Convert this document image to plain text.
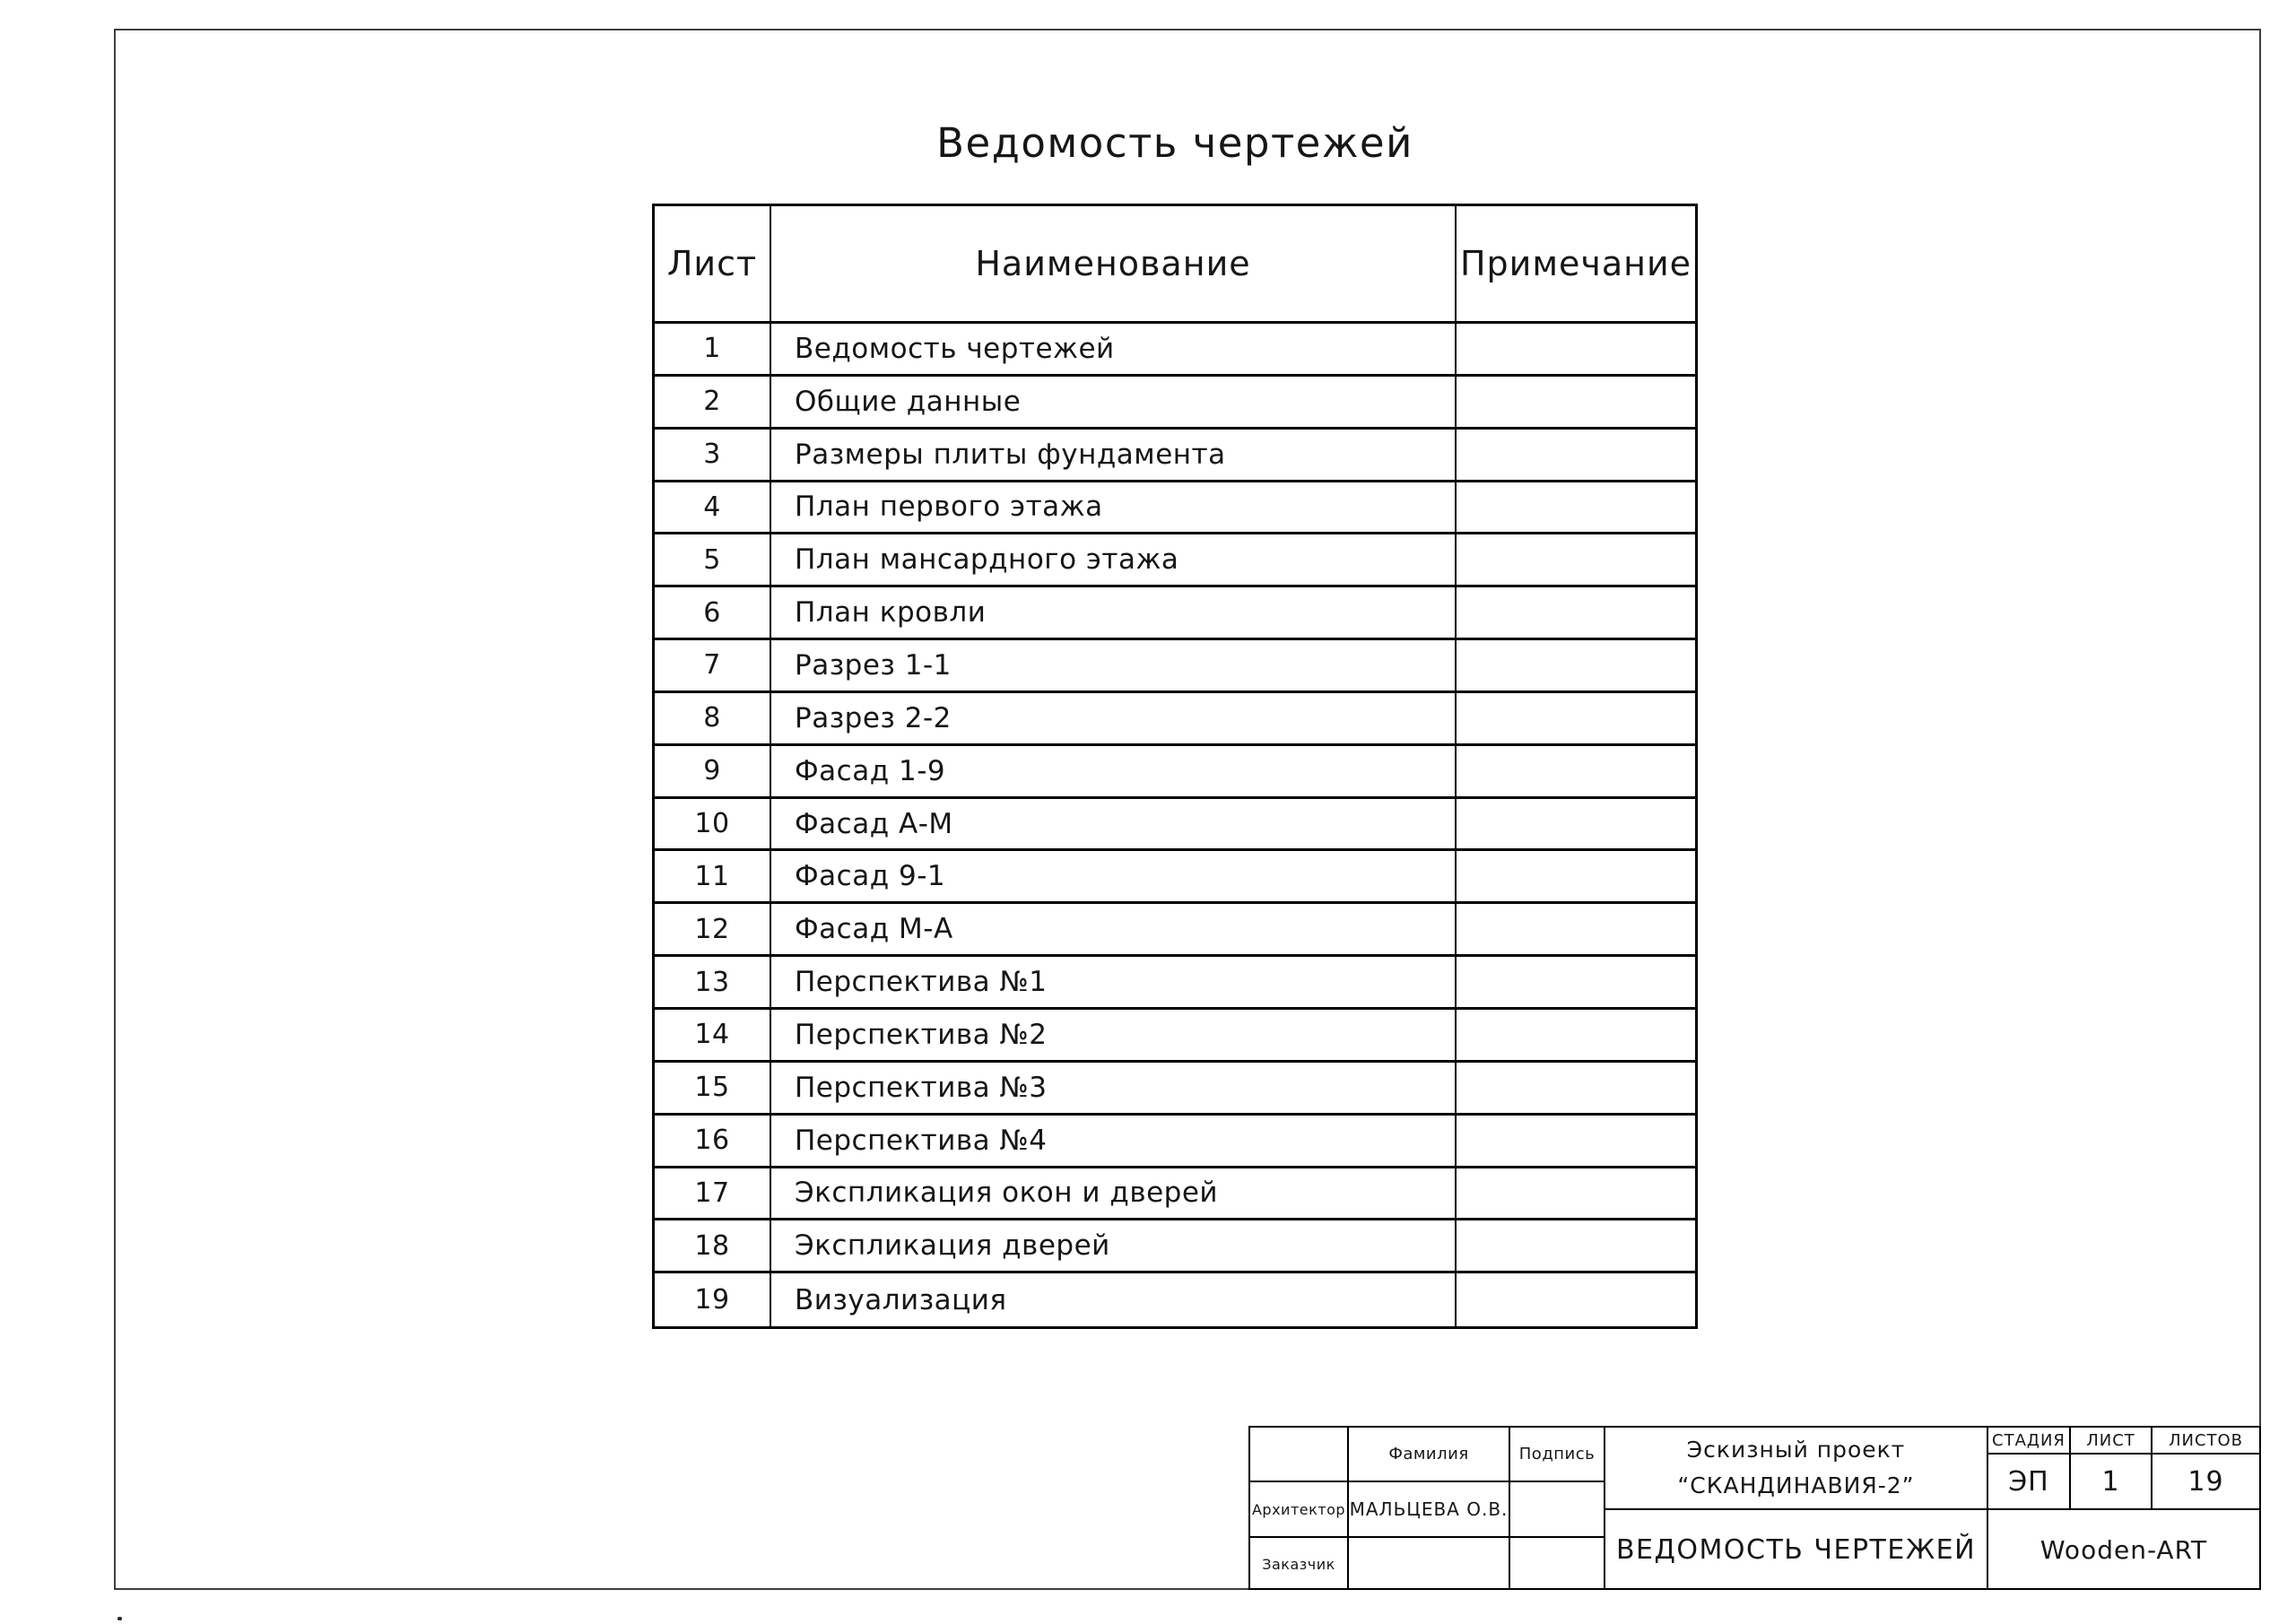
Ведомость чертежей
Лист	Наименование	Примечание
1	Ведомость чертежей
2	Общие данные
3	Размеры плиты фундамента
4	План первого этажа
5	План мансардного этажа
6	План кровли
7	Разрез 1-1
8	Разрез 2-2
9	Фасад 1-9
10	Фасад А-М
11	Фасад 9-1
12	Фасад М-А
13	Перспектива №1
14	Перспектива №2
15	Перспектива №3
16	Перспектива №4
17	Экспликация окон и дверей
18	Экспликация дверей
19	Визуализация
Фамилия	Подпись
Архитектор МАЛЬЦЕВА О.В.
Заказчик
Эскизный проект
“СКАНДИНАВИЯ-2”
ВЕДОМОСТЬ ЧЕРТЕЖЕЙ
СТАДИЯ	ЛИСТ	ЛИСТОВ
ЭП	1	19
Wooden-ART
